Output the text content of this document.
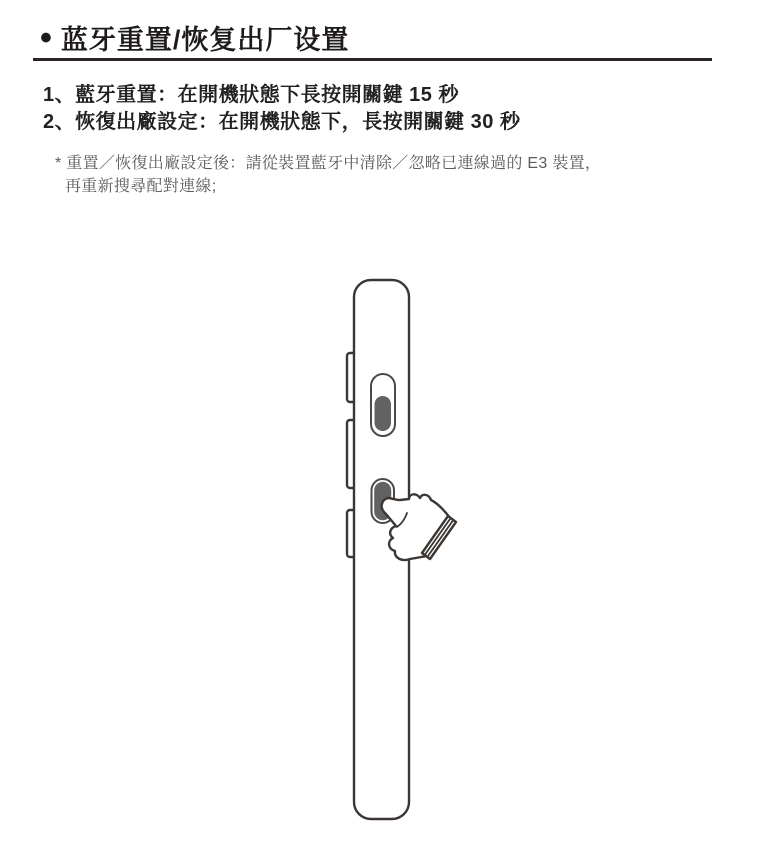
• 蓝牙重置/恢复出厂设置
1、藍牙重置：在開機狀態下長按開關鍵 15 秒
2、恢復出廠設定：在開機狀態下，長按開關鍵 30 秒
* 重置／恢復出廠設定後：請從裝置藍牙中清除／忽略已連線過的 E3 裝置，
再重新搜尋配對連線;
